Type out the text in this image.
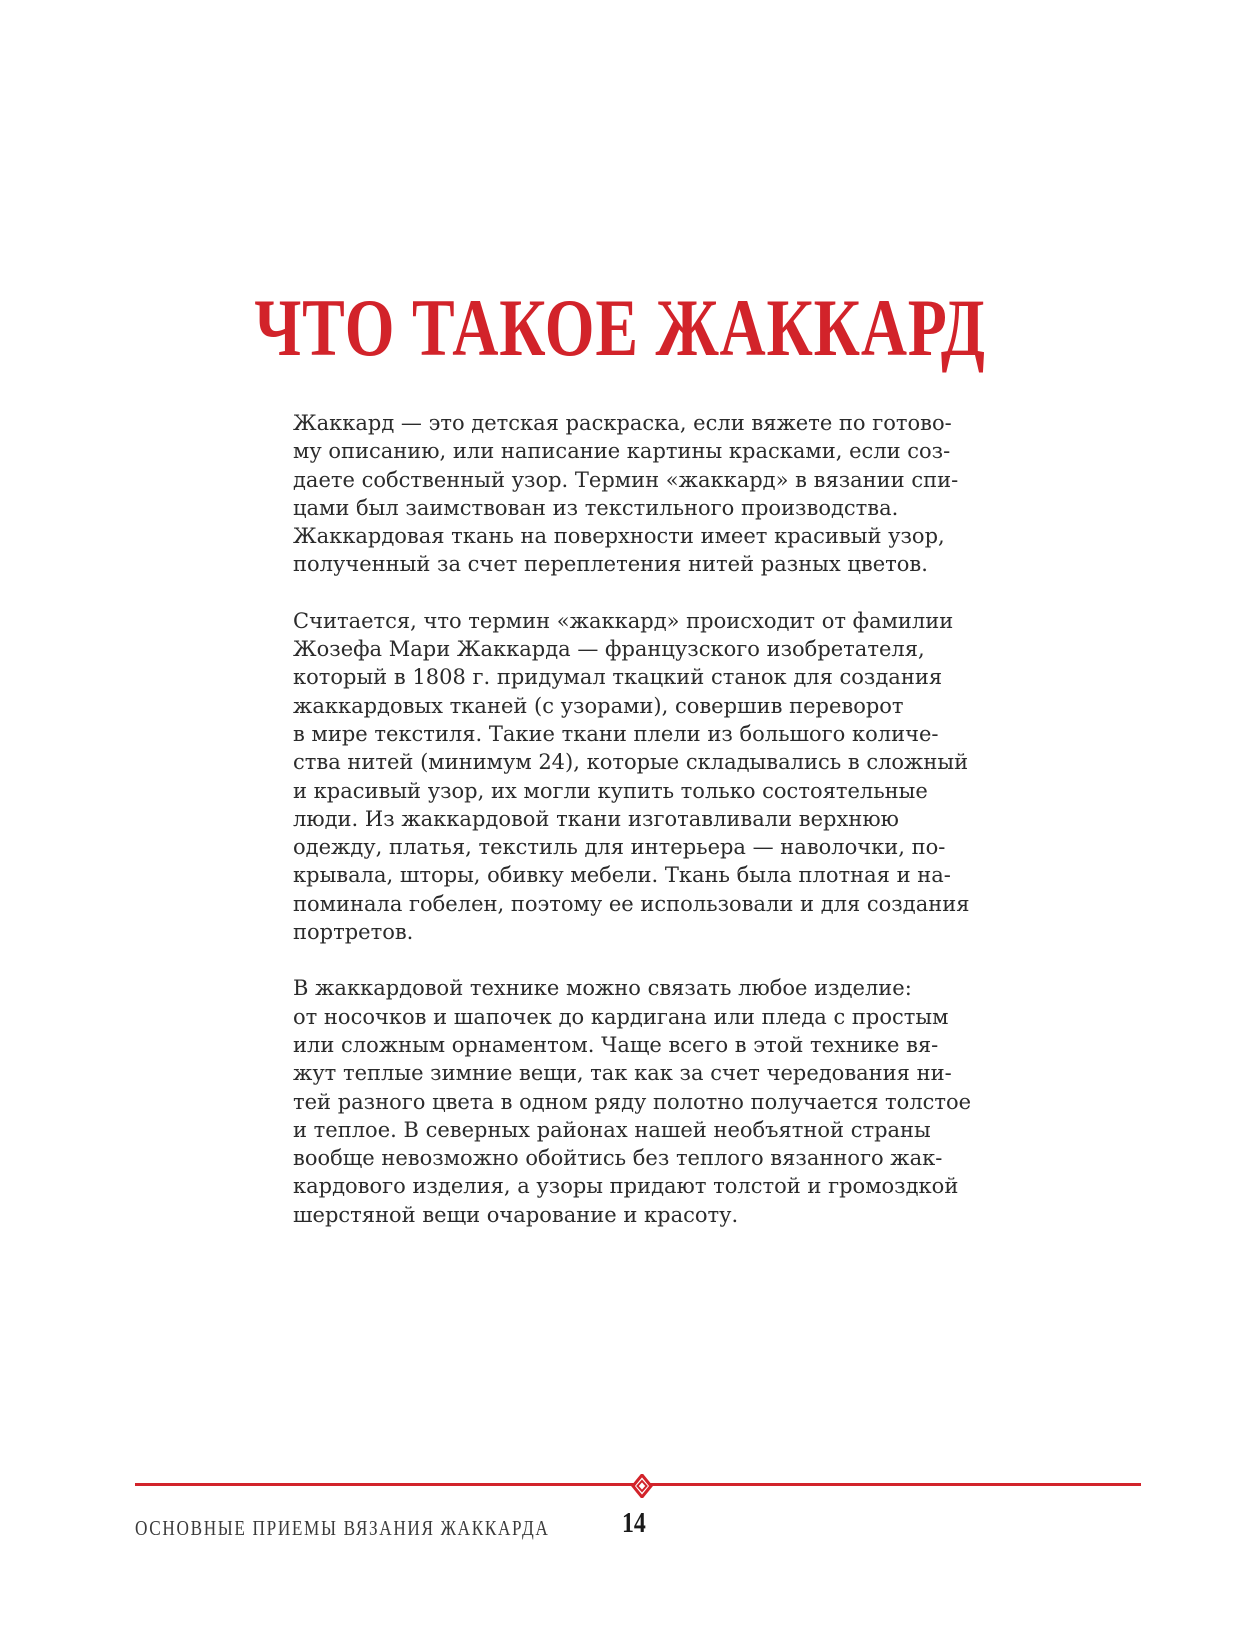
ЧТО ТАКОЕ ЖАККАРД

Жаккард — это детская раскраска, если вяжете по готово-
му описанию, или написание картины красками, если соз-
даете собственный узор. Термин «жаккард» в вязании спи-
цами был заимствован из текстильного производства.
Жаккардовая ткань на поверхности имеет красивый узор,
полученный за счет переплетения нитей разных цветов.

Считается, что термин «жаккард» происходит от фамилии
Жозефа Мари Жаккарда — французского изобретателя,
который в 1808 г. придумал ткацкий станок для создания
жаккардовых тканей (с узорами), совершив переворот
в мире текстиля. Такие ткани плели из большого количе-
ства нитей (минимум 24), которые складывались в сложный
и красивый узор, их могли купить только состоятельные
люди. Из жаккардовой ткани изготавливали верхнюю
одежду, платья, текстиль для интерьера — наволочки, по-
крывала, шторы, обивку мебели. Ткань была плотная и на-
поминала гобелен, поэтому ее использовали и для создания
портретов.

В жаккардовой технике можно связать любое изделие:
от носочков и шапочек до кардигана или пледа с простым
или сложным орнаментом. Чаще всего в этой технике вя-
жут теплые зимние вещи, так как за счет чередования ни-
тей разного цвета в одном ряду полотно получается толстое
и теплое. В северных районах нашей необъятной страны
вообще невозможно обойтись без теплого вязанного жак-
кардового изделия, а узоры придают толстой и громоздкой
шерстяной вещи очарование и красоту.

ОСНОВНЫЕ ПРИЕМЫ ВЯЗАНИЯ ЖАККАРДА	14
